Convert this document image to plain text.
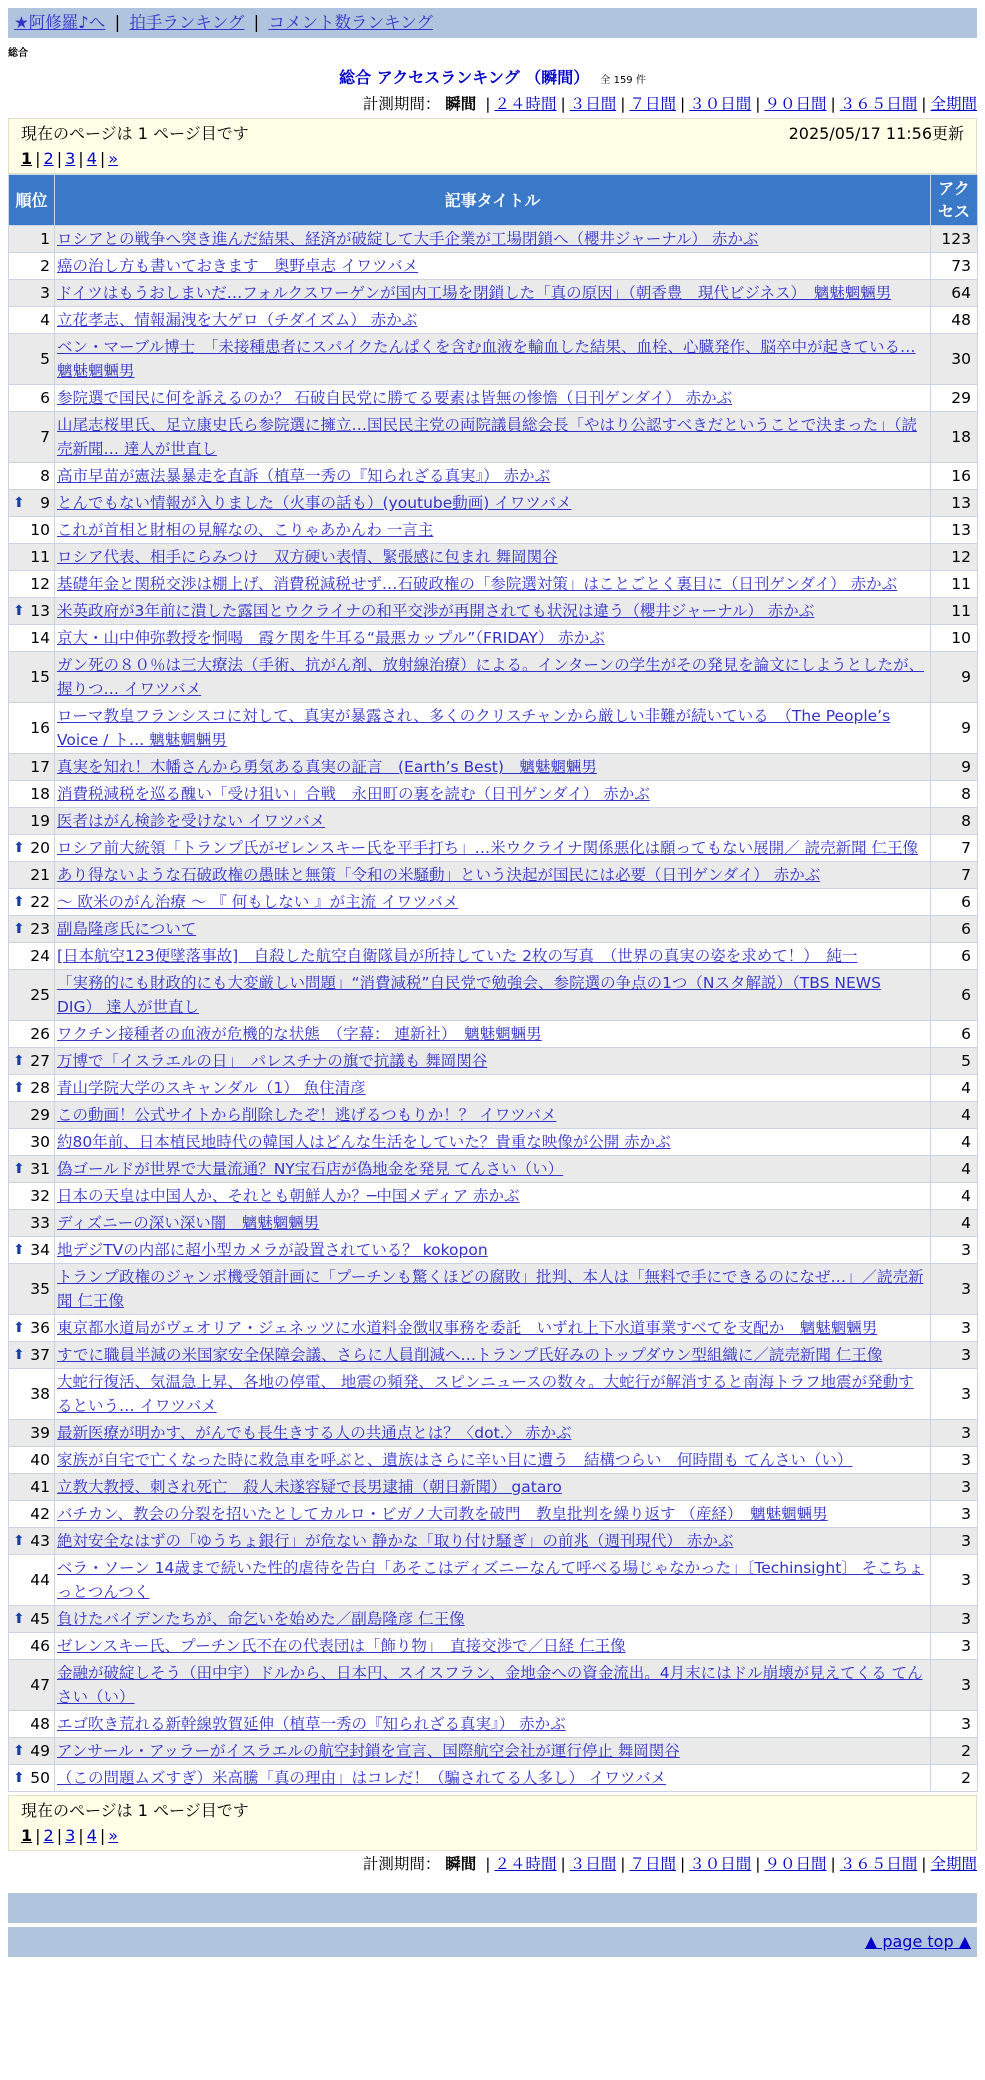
★阿修羅♪へ | 拍手ランキング | コメント数ランキング
総合
総合 アクセスランキング （瞬間） 全 159 件
計測期間： 瞬間 | ２４時間 | ３日間 | ７日間 | ３０日間 | ９０日間 | ３６５日間 | 全期間
現在のページは 1 ページ目です	2025/05/17 11:56更新
1 | 2 | 3 | 4 | »
順位	記事タイトル	アクセス
1	ロシアとの戦争へ突き進んだ結果、経済が破綻して大手企業が工場閉鎖へ（櫻井ジャーナル） 赤かぶ	123
2	癌の治し方も書いておきます　奥野卓志 イワツバメ	73
3	ドイツはもうおしまいだ…フォルクスワーゲンが国内工場を閉鎖した「真の原因」（朝香豊　現代ビジネス）　魑魅魍魎男	64
4	立花孝志、情報漏洩を大ゲロ（チダイズム） 赤かぶ	48
5	ベン・マーブル博士　「未接種患者にスパイクたんぱくを含む血液を輸血した結果、血栓、心臓発作、脳卒中が起きている… 魑魅魍魎男	30
6	参院選で国民に何を訴えるのか？ 石破自民党に勝てる要素は皆無の惨憺（日刊ゲンダイ） 赤かぶ	29
7	山尾志桜里氏、足立康史氏ら参院選に擁立…国民民主党の両院議員総会長「やはり公認すべきだということで決まった」（読売新聞… 達人が世直し	18
8	高市早苗が憲法暴暴走を直訴（植草一秀の『知られざる真実』） 赤かぶ	16

⬆ 9	とんでもない情報が入りました（火事の話も）(youtube動画) イワツバメ	13
10	これが首相と財相の見解なの、こりゃあかんわ 一言主	13
11	ロシア代表、相手にらみつけ　双方硬い表情、緊張感に包まれ 舞岡関谷	12
12	基礎年金と関税交渉は棚上げ、消費税減税せず…石破政権の「参院選対策」はことごとく裏目に（日刊ゲンダイ） 赤かぶ	11

⬆ 13	米英政府が3年前に潰した露国とウクライナの和平交渉が再開されても状況は違う（櫻井ジャーナル） 赤かぶ	11
14	京大・山中伸弥教授を恫喝　霞ケ関を牛耳る“最悪カップル”（FRIDAY） 赤かぶ	10
15	ガン死の８０％は三大療法（手術、抗がん剤、放射線治療）による。インターンの学生がその発見を論文にしようとしたが、握りつ… イワツバメ	9
16	ローマ教皇フランシスコに対して、真実が暴露され、多くのクリスチャンから厳しい非難が続いている　（The People’s Voice / ト… 魑魅魍魎男	9
17	真実を知れ！木幡さんから勇気ある真実の証言　(Earth’s Best)　魑魅魍魎男	9
18	消費税減税を巡る醜い「受け狙い」合戦　永田町の裏を読む（日刊ゲンダイ） 赤かぶ	8
19	医者はがん検診を受けない イワツバメ	8

⬆ 20	ロシア前大統領「トランプ氏がゼレンスキー氏を平手打ち」…米ウクライナ関係悪化は願ってもない展開／ 読売新聞 仁王像	7
21	あり得ないような石破政権の愚昧と無策「令和の米騒動」という決起が国民には必要（日刊ゲンダイ） 赤かぶ	7

⬆ 22	～ 欧米のがん治療 ～ 『 何もしない 』が主流 イワツバメ	6

⬆ 23	副島隆彦氏について	6
24	[日本航空123便墜落事故]　自殺した航空自衛隊員が所持していた 2枚の写真　（世界の真実の姿を求めて！）　純一	6
25	「実務的にも財政的にも大変厳しい問題」“消費減税”自民党で勉強会、参院選の争点の1つ（Nスタ解説）（TBS NEWS DIG） 達人が世直し	6
26	ワクチン接種者の血液が危機的な状態　（字幕： 連新社）　魑魅魍魎男	6

⬆ 27	万博で「イスラエルの日」　パレスチナの旗で抗議も 舞岡関谷	5

⬆ 28	青山学院大学のスキャンダル（1） 魚住清彦	4
29	この動画！公式サイトから削除したぞ！逃げるつもりか！？ イワツバメ	4
30	約80年前、日本植民地時代の韓国人はどんな生活をしていた？貴重な映像が公開 赤かぶ	4

⬆ 31	偽ゴールドが世界で大量流通？NY宝石店が偽地金を発見 てんさい（い）	4
32	日本の天皇は中国人か、それとも朝鮮人か？─中国メディア 赤かぶ	4
33	ディズニーの深い深い闇　魑魅魍魎男	4

⬆ 34	地デジTVの内部に超小型カメラが設置されている？ kokopon	3
35	トランプ政権のジャンボ機受領計画に「プーチンも驚くほどの腐敗」批判、本人は「無料で手にできるのになぜ…」／読売新聞 仁王像	3

⬆ 36	東京都水道局がヴェオリア・ジェネッツに水道料金徴収事務を委託　いずれ上下水道事業すべてを支配か　魑魅魍魎男	3

⬆ 37	すでに職員半減の米国家安全保障会議、さらに人員削減へ…トランプ氏好みのトップダウン型組織に／読売新聞 仁王像	3
38	大蛇行復活、気温急上昇、各地の停電、 地震の頻発、スピンニュースの数々。大蛇行が解消すると南海トラフ地震が発動するという… イワツバメ	3
39	最新医療が明かす、がんでも長生きする人の共通点とは？〈dot.〉 赤かぶ	3
40	家族が自宅で亡くなった時に救急車を呼ぶと、遺族はさらに辛い目に遭う　結構つらい　何時間も てんさい（い）	3
41	立教大教授、刺され死亡　殺人未遂容疑で長男逮捕（朝日新聞） gataro	3
42	バチカン、教会の分裂を招いたとしてカルロ・ビガノ大司教を破門　教皇批判を繰り返す （産経）　魑魅魍魎男	3

⬆ 43	絶対安全なはずの「ゆうちょ銀行」が危ない 静かな「取り付け騒ぎ」の前兆（週刊現代） 赤かぶ	3
44	ベラ・ソーン 14歳まで続いた性的虐待を告白「あそこはディズニーなんて呼べる場じゃなかった」〔Techinsight〕 そこちょっとつんつく	3

⬆ 45	負けたバイデンたちが、命乞いを始めた／副島隆彦 仁王像	3
46	ゼレンスキー氏、プーチン氏不在の代表団は「飾り物」　直接交渉で／日経 仁王像	3
47	金融が破綻しそう（田中宇）ドルから、日本円、スイスフラン、金地金への資金流出。4月末にはドル崩壊が見えてくる てんさい（い）	3
48	エゴ吹き荒れる新幹線敦賀延伸（植草一秀の『知られざる真実』） 赤かぶ	3

⬆ 49	アンサール・アッラーがイスラエルの航空封鎖を宣言、国際航空会社が運行停止 舞岡関谷	2

⬆ 50	（この問題ムズすぎ）米高騰「真の理由」はコレだ！（騙されてる人多し） イワツバメ	2
現在のページは 1 ページ目です
1 | 2 | 3 | 4 | »
計測期間： 瞬間 | ２４時間 | ３日間 | ７日間 | ３０日間 | ９０日間 | ３６５日間 | 全期間
▲ page top ▲
